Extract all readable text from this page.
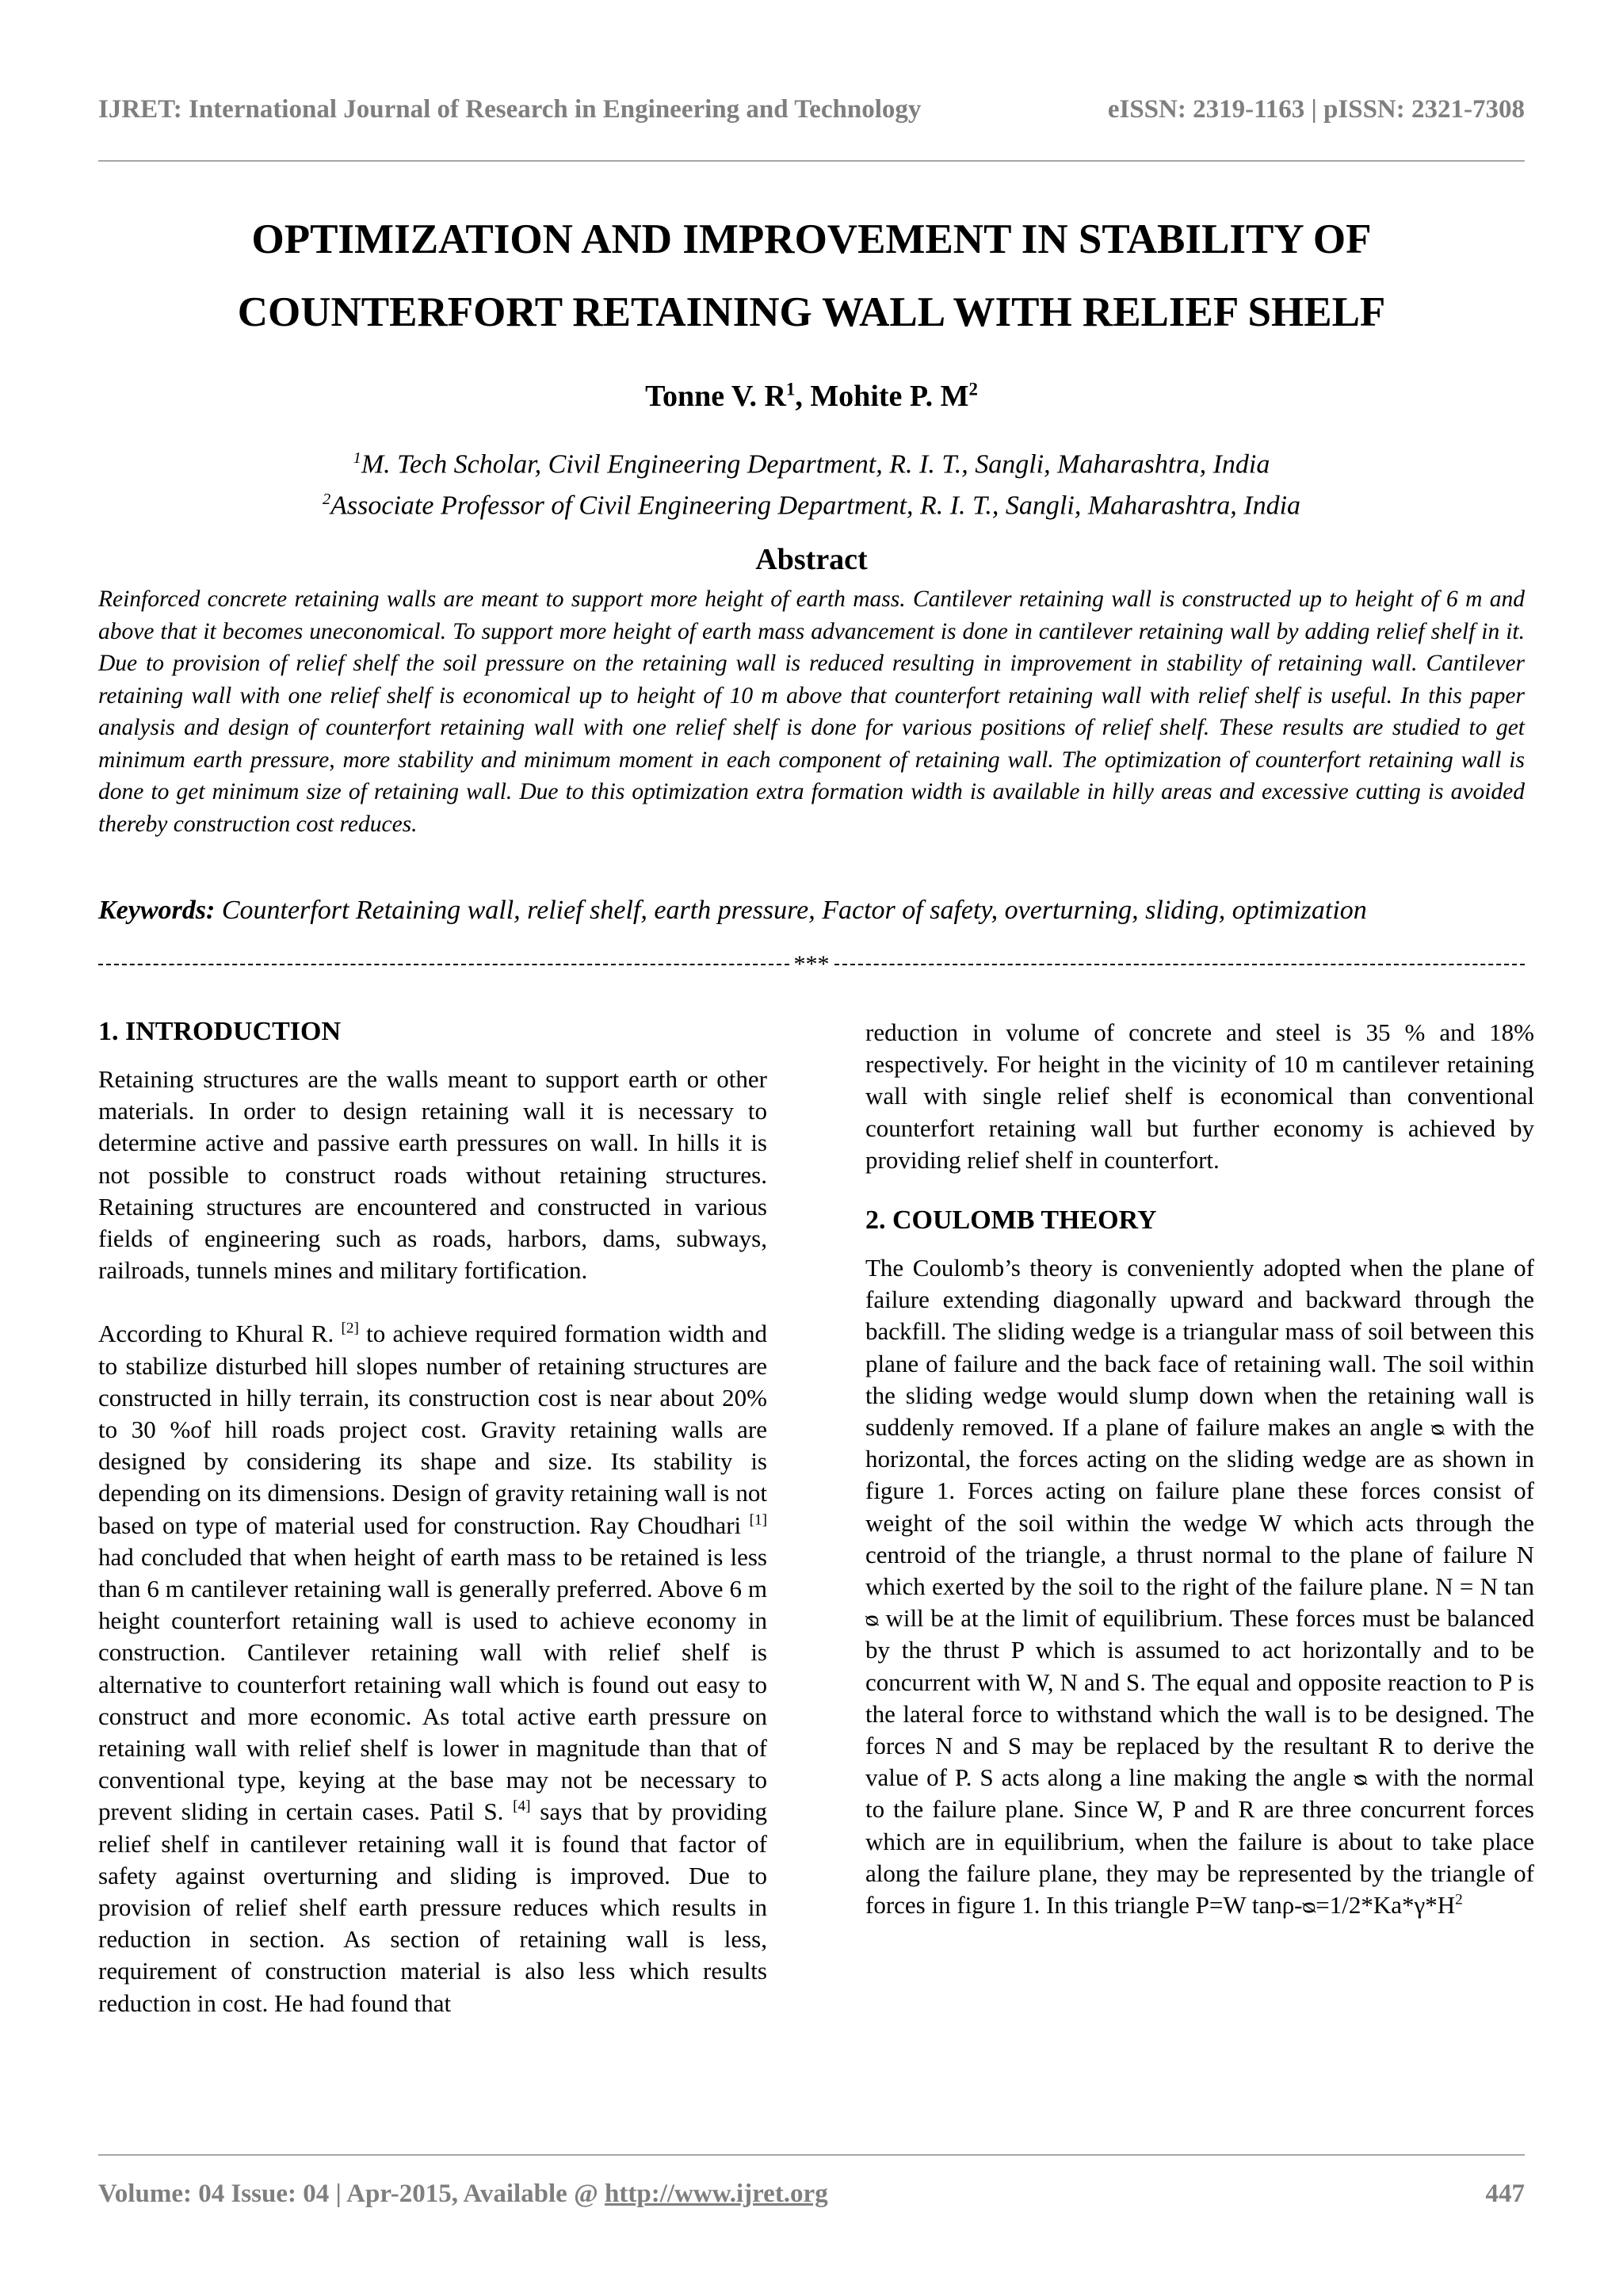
IJRET: International Journal of Research in Engineering and Technology	eISSN: 2319-1163 | pISSN: 2321-7308
OPTIMIZATION AND IMPROVEMENT IN STABILITY OF
COUNTERFORT RETAINING WALL WITH RELIEF SHELF
Tonne V. $R^1$, Mohite P. $M^2$
$^1$M. Tech Scholar, Civil Engineering Department, R. I. T., Sangli, Maharashtra, India
$^2$Associate Professor of Civil Engineering Department, R. I. T., Sangli, Maharashtra, India
Abstract
Reinforced concrete retaining walls are meant to support more height of earth mass. Cantilever retaining wall is constructed up to height of 6 m and above that it becomes uneconomical. To support more height of earth mass advancement is done in cantilever retaining wall by adding relief shelf in it. Due to provision of relief shelf the soil pressure on the retaining wall is reduced resulting in improvement in stability of retaining wall. Cantilever retaining wall with one relief shelf is economical up to height of 10 m above that counterfort retaining wall with relief shelf is useful. In this paper analysis and design of counterfort retaining wall with one relief shelf is done for various positions of relief shelf. These results are studied to get minimum earth pressure, more stability and minimum moment in each component of retaining wall. The optimization of counterfort retaining wall is done to get minimum size of retaining wall. Due to this optimization extra formation width is available in hilly areas and excessive cutting is avoided thereby construction cost reduces.
Keywords: Counterfort Retaining wall, relief shelf, earth pressure, Factor of safety, overturning, sliding, optimization
***
1. INTRODUCTION

Retaining structures are the walls meant to support earth or other materials. In order to design retaining wall it is necessary to determine active and passive earth pressures on wall. In hills it is not possible to construct roads without retaining structures. Retaining structures are encountered and constructed in various fields of engineering such as roads, harbors, dams, subways, railroads, tunnels mines and military fortification.

According to Khural R. [2] to achieve required formation width and to stabilize disturbed hill slopes number of retaining structures are constructed in hilly terrain, its construction cost is near about 20% to 30 %of hill roads project cost. Gravity retaining walls are designed by considering its shape and size. Its stability is depending on its dimensions. Design of gravity retaining wall is not based on type of material used for construction. Ray Choudhari [1] had concluded that when height of earth mass to be retained is less than 6 m cantilever retaining wall is generally preferred. Above 6 m height counterfort retaining wall is used to achieve economy in construction. Cantilever retaining wall with relief shelf is alternative to counterfort retaining wall which is found out easy to construct and more economic. As total active earth pressure on retaining wall with relief shelf is lower in magnitude than that of conventional type, keying at the base may not be necessary to prevent sliding in certain cases. Patil S. [4] says that by providing relief shelf in cantilever retaining wall it is found that factor of safety against overturning and sliding is improved. Due to provision of relief shelf earth pressure reduces which results in reduction in section. As section of retaining wall is less, requirement of construction material is also less which results reduction in cost. He had found that

reduction in volume of concrete and steel is 35 % and 18% respectively. For height in the vicinity of 10 m cantilever retaining wall with single relief shelf is economical than conventional counterfort retaining wall but further economy is achieved by providing relief shelf in counterfort.

2. COULOMB THEORY

The Coulomb’s theory is conveniently adopted when the plane of failure extending diagonally upward and backward through the backfill. The sliding wedge is a triangular mass of soil between this plane of failure and the back face of retaining wall. The soil within the sliding wedge would slump down when the retaining wall is suddenly removed. If a plane of failure makes an angle ᴓ with the horizontal, the forces acting on the sliding wedge are as shown in figure 1. Forces acting on failure plane these forces consist of weight of the soil within the wedge W which acts through the centroid of the triangle, a thrust normal to the plane of failure N which exerted by the soil to the right of the failure plane. N = N tan ᴓ will be at the limit of equilibrium. These forces must be balanced by the thrust P which is assumed to act horizontally and to be concurrent with W, N and S. The equal and opposite reaction to P is the lateral force to withstand which the wall is to be designed. The forces N and S may be replaced by the resultant R to derive the value of P. S acts along a line making the angle ᴓ with the normal to the failure plane. Since W, P and R are three concurrent forces which are in equilibrium, when the failure is about to take place along the failure plane, they may be represented by the triangle of forces in figure 1. In this triangle P=W tanρ-$ᴓ=1/2*Ka*\gamma*H^2$

Volume: 04 Issue: 04 | Apr-2015, Available @ http://www.ijret.org	447
